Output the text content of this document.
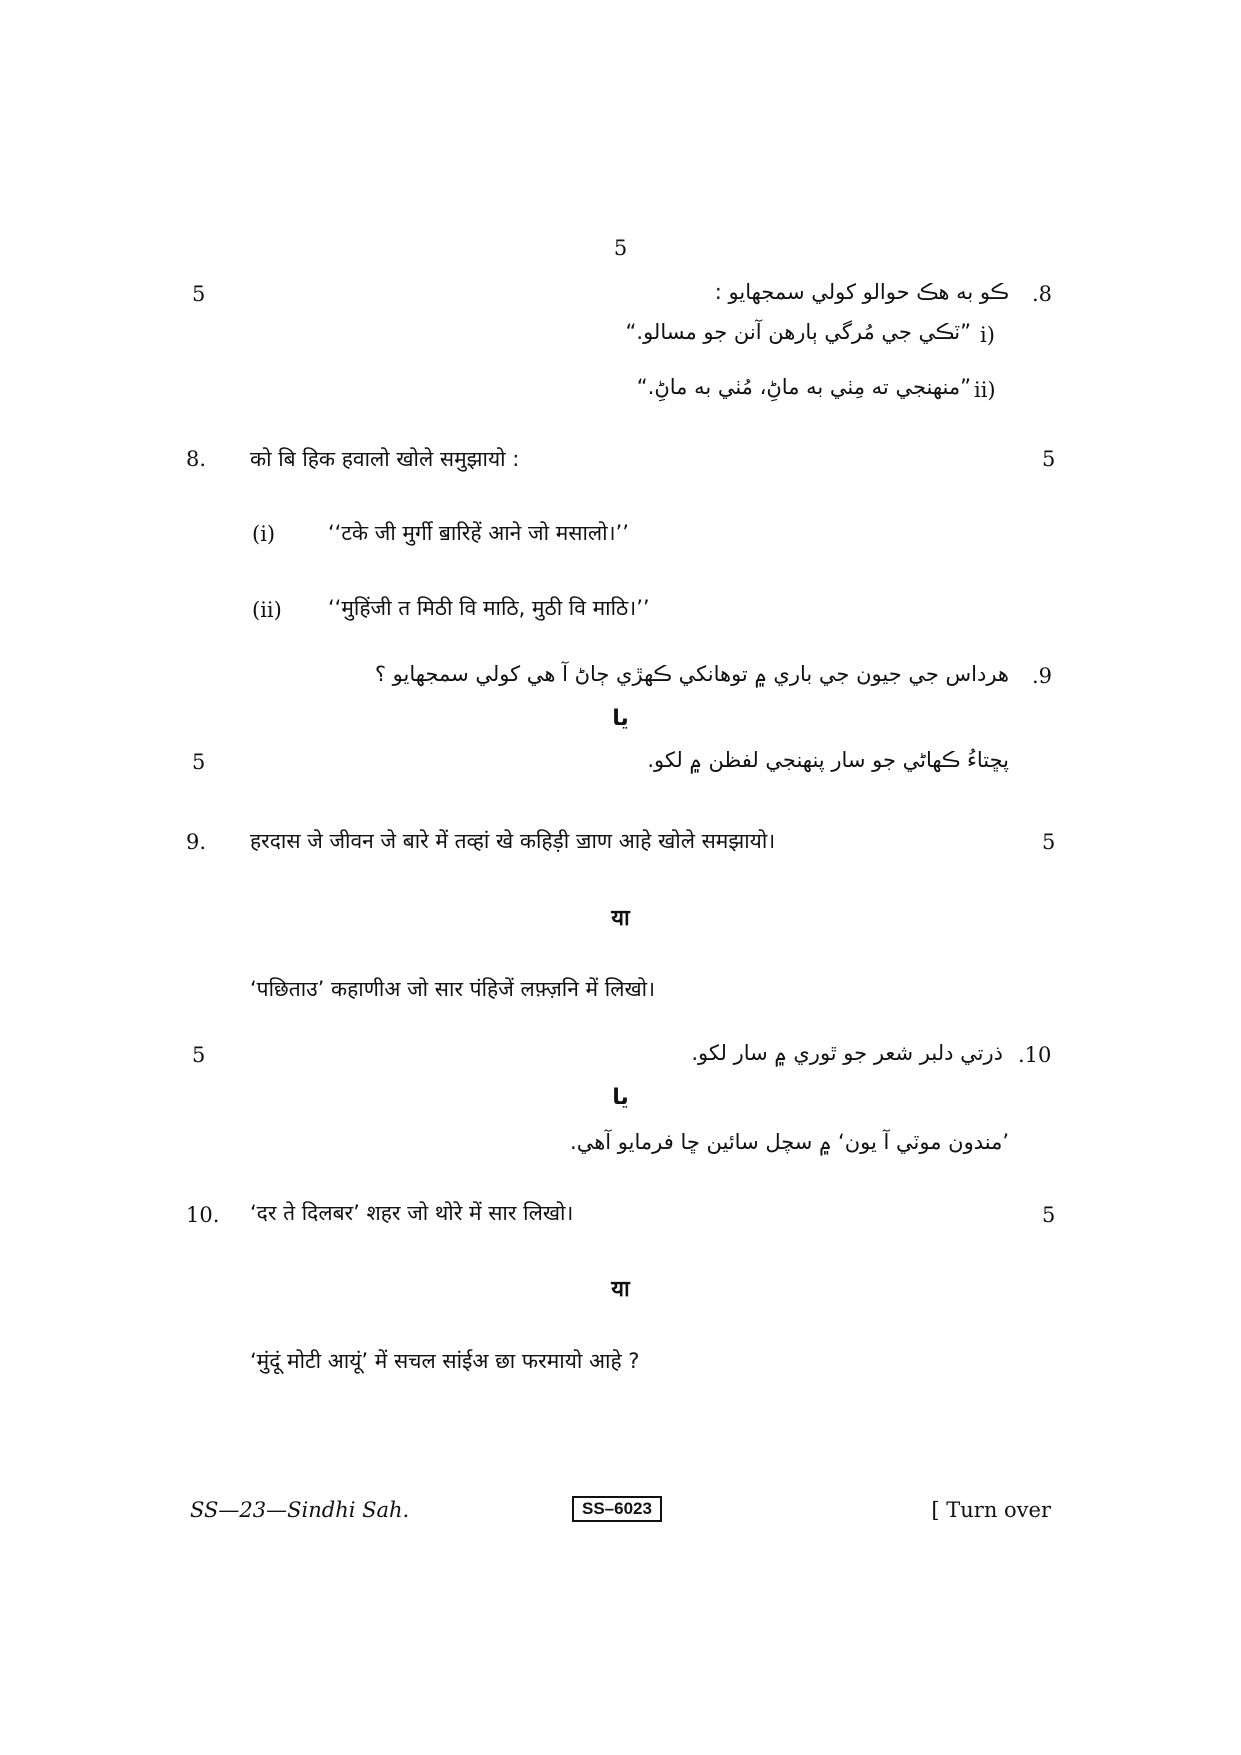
5
5	.8
ڪو به هڪ حوالو کولي سمجهايو :
i)
”ٽڪي جي مُرگي ٻارهن آنن جو مسالو.“
ii)
”منهنجي ته مِٺي به ماڻِ، مُٺي به ماڻِ.“
8. को बि हिक हवालो खोले समुझायो :	5
(i)	‘‘टके जी मुर्गी ॿारिहें आने जो मसालो।’’
(ii) ‘‘मुहिंजी त मिठी वि माठि, मुठी वि माठि।’’
.9
هرداس جي جيون جي باري ۾ توهانکي ڪهڙي ڄاڻ آ هي کولي سمجهايو ؟
يا
5	پڇتاءُ ڪهاڻي جو سار پنهنجي لفظن ۾ لکو.
9. हरदास जे जीवन जे बारे में तव्हां खे कहिड़ी ॼाण आहे खोले समझायो।	5
या
‘पछिताउ’ कहाणीअ जो सार पंहिजें लफ़्ज़नि में लिखो।
5	.10
ذرتي دلبر شعر جو ٿوري ۾ سار لکو.
يا
’مندون موٽي آ يون‘ ۾ سچل سائين ڇا فرمايو آهي.
10. ‘दर ते दिलबर’ शहर जो थोरे में सार लिखो।	5
या
‘मुंदूं मोटी आयूं’ में सचल सांईअ छा फरमायो आहे ?
SS—23—Sindhi Sah.	SS–6023	[ Turn over
